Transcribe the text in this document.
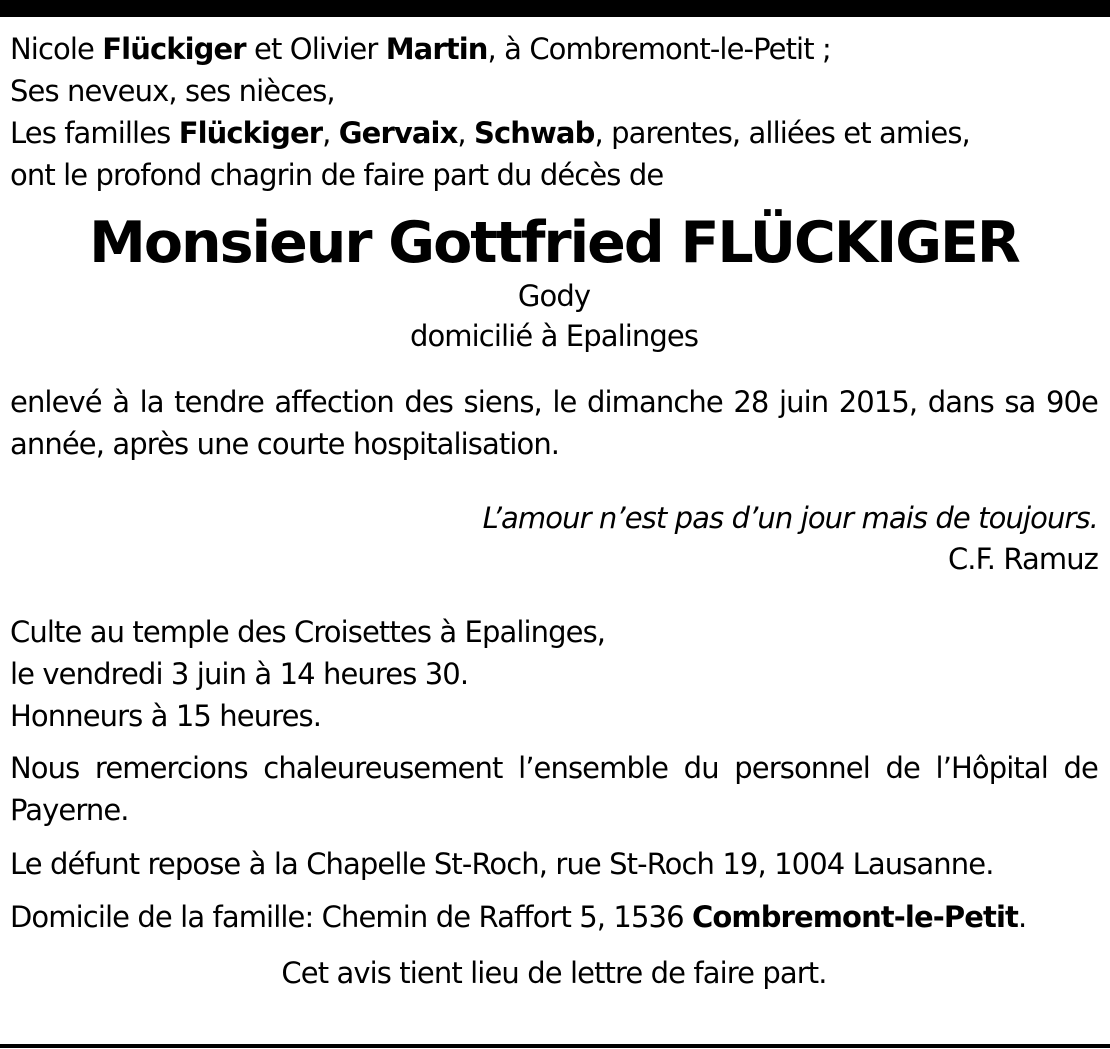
Nicole Flückiger et Olivier Martin, à Combremont-le-Petit ;

Ses neveux, ses nièces,

Les familles Flückiger, Gervaix, Schwab, parentes, alliées et amies,

ont le profond chagrin de faire part du décès de

Monsieur Gottfried FLÜCKIGER

Gody

domicilié à Epalinges

enlevé à la tendre affection des siens, le dimanche 28 juin 2015, dans sa 90e année, après une courte hospitalisation.

L’amour n’est pas d’un jour mais de toujours.

C.F. Ramuz

Culte au temple des Croisettes à Epalinges,

le vendredi 3 juin à 14 heures 30.

Honneurs à 15 heures.

Nous remercions chaleureusement l’ensemble du personnel de l’Hôpital de Payerne.

Le défunt repose à la Chapelle St-Roch, rue St-Roch 19, 1004 Lausanne.

Domicile de la famille: Chemin de Raffort 5, 1536 Combremont-le-Petit.

Cet avis tient lieu de lettre de faire part.
